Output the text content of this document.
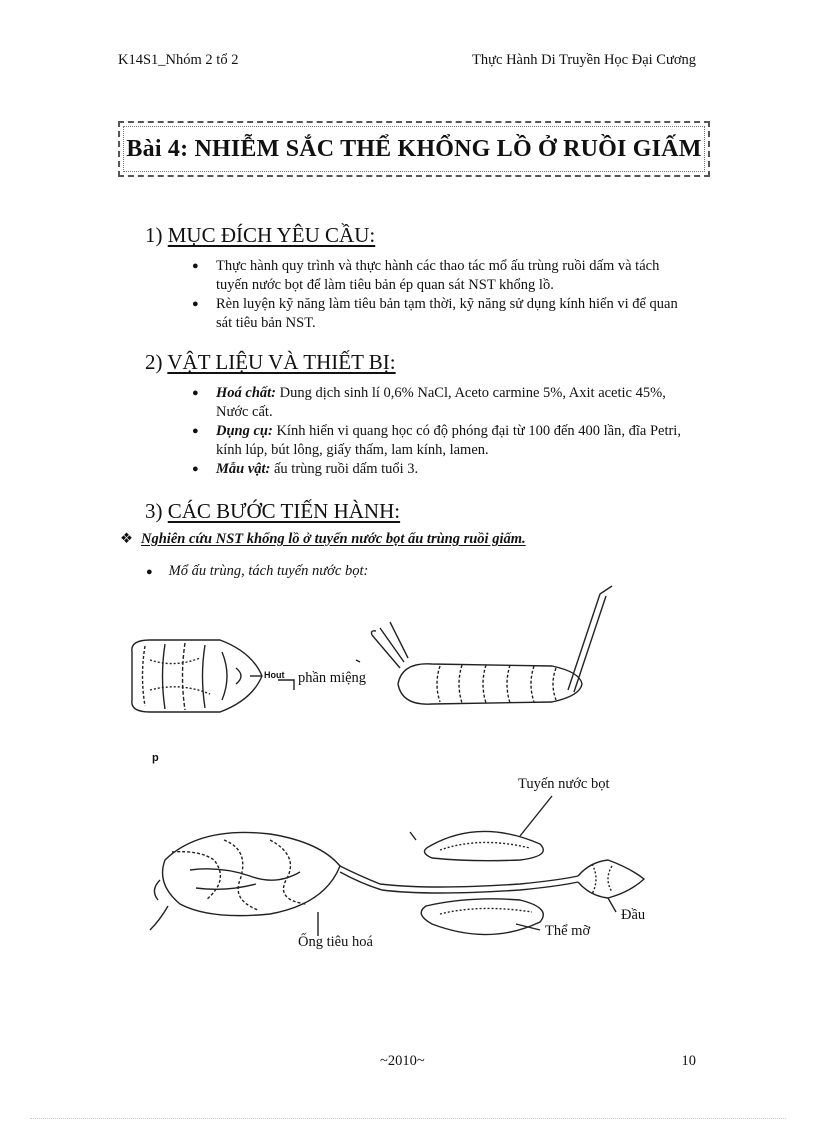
K14S1_Nhóm 2 tổ 2	Thực Hành Di Truyền Học Đại Cương
Bài 4: NHIỄM SẮC THỂ KHỔNG LỒ Ở RUỒI GIẤM
1) MỤC ĐÍCH YÊU CẦU:
● Thực hành quy trình và thực hành các thao tác mổ ấu trùng ruồi dấm và tách tuyến nước bọt để làm tiêu bản ép quan sát NST khổng lồ.
● Rèn luyện kỹ năng làm tiêu bản tạm thời, kỹ năng sử dụng kính hiển vi để quan sát tiêu bản NST.
2) VẬT LIỆU VÀ THIẾT BỊ:
● Hoá chất: Dung dịch sinh lí 0,6% NaCl, Aceto carmine 5%, Axit acetic 45%, Nước cất.
● Dụng cụ: Kính hiển vi quang học có độ phóng đại từ 100 đến 400 lần, đĩa Petri, kính lúp, bút lông, giấy thấm, lam kính, lamen.
● Mẫu vật: ấu trùng ruồi dấm tuổi 3.
3) CÁC BƯỚC TIẾN HÀNH:
❖ Nghiên cứu NST khổng lồ ở tuyến nước bọt ấu trùng ruồi giấm.
● Mổ ấu trùng, tách tuyến nước bọt:
Hout phần miệng
p
Tuyến nước bọt
Đầu
Thể mỡ
Ống tiêu hoá
~2010~	10
